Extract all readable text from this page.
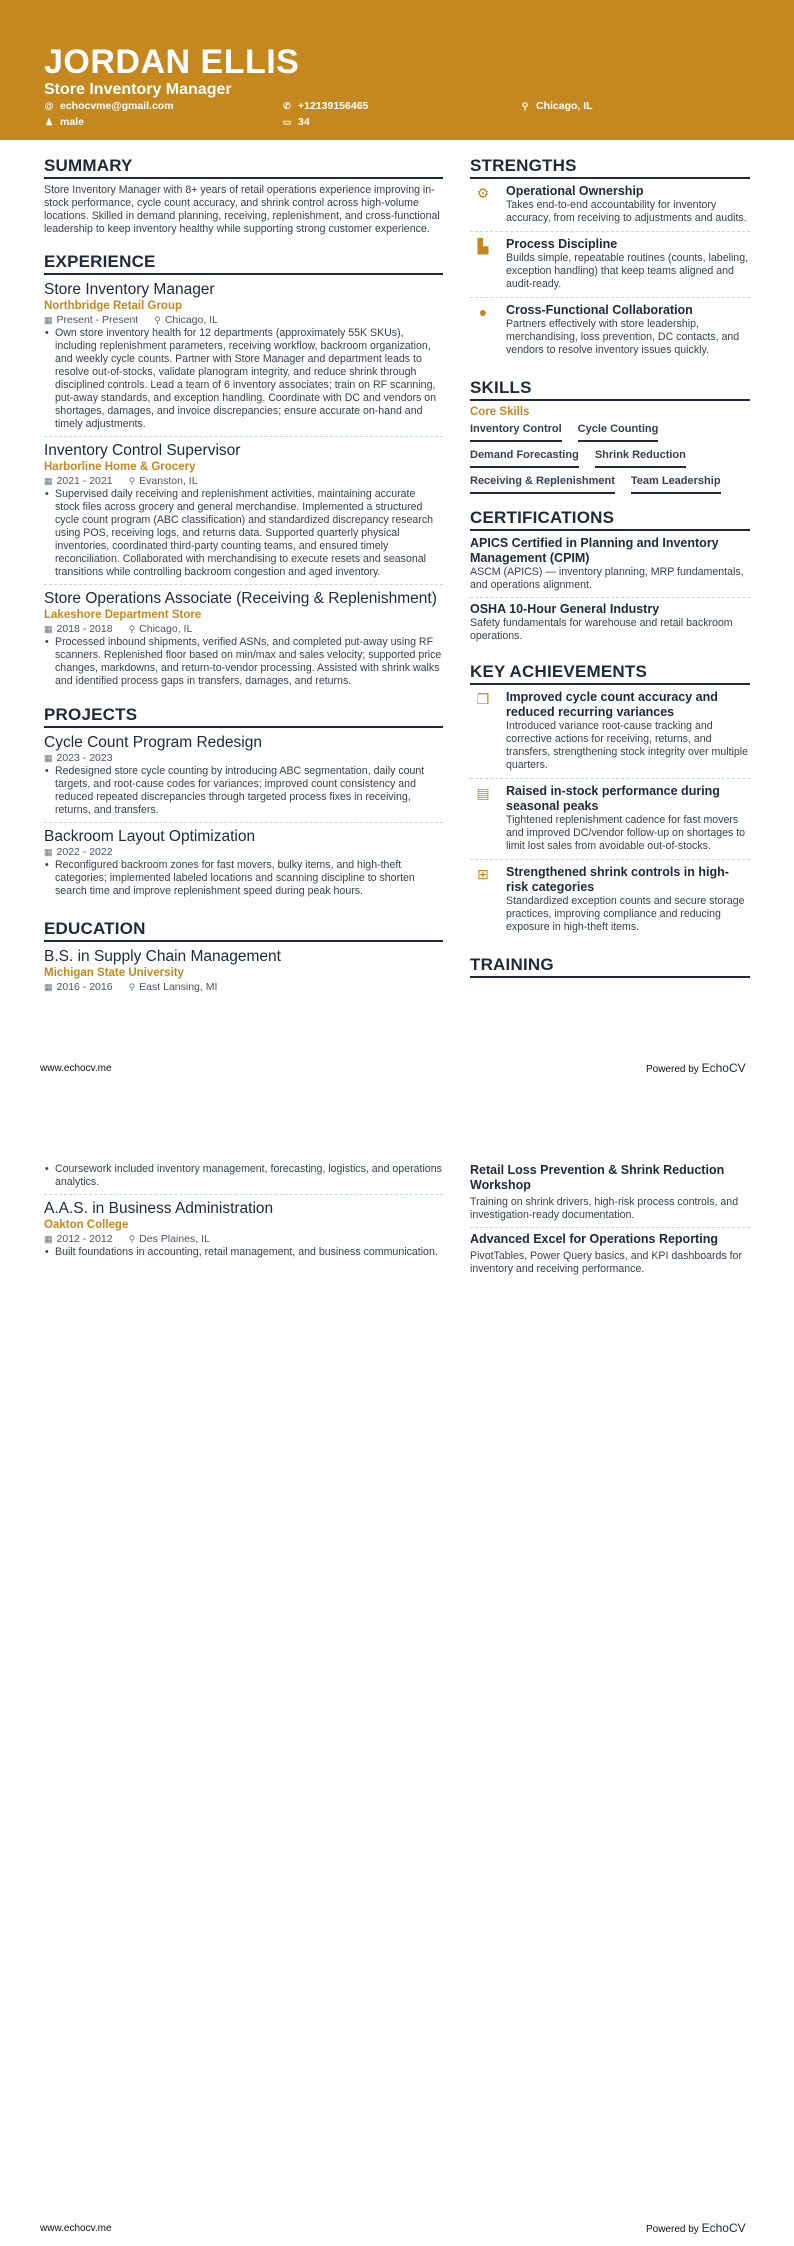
JORDAN ELLIS
Store Inventory Manager
@ echocvme@gmail.com	✆ +12139156465	⚲ Chicago, IL
♟ male	▭ 34
SUMMARY
Store Inventory Manager with 8+ years of retail operations experience improving in-stock performance, cycle count accuracy, and shrink control across high-volume locations. Skilled in demand planning, receiving, replenishment, and cross-functional leadership to keep inventory healthy while supporting strong customer experience.
EXPERIENCE
Store Inventory Manager
Northbridge Retail Group
▦ Present - Present ⚲ Chicago, IL
• Own store inventory health for 12 departments (approximately 55K SKUs), including replenishment parameters, receiving workflow, backroom organization, and weekly cycle counts. Partner with Store Manager and department leads to resolve out-of-stocks, validate planogram integrity, and reduce shrink through disciplined controls. Lead a team of 6 inventory associates; train on RF scanning, put-away standards, and exception handling. Coordinate with DC and vendors on shortages, damages, and invoice discrepancies; ensure accurate on-hand and timely adjustments.
Inventory Control Supervisor
Harborline Home & Grocery
▦ 2021 - 2021 ⚲ Evanston, IL
• Supervised daily receiving and replenishment activities, maintaining accurate stock files across grocery and general merchandise. Implemented a structured cycle count program (ABC classification) and standardized discrepancy research using POS, receiving logs, and returns data. Supported quarterly physical inventories, coordinated third-party counting teams, and ensured timely reconciliation. Collaborated with merchandising to execute resets and seasonal transitions while controlling backroom congestion and aged inventory.
Store Operations Associate (Receiving & Replenishment)
Lakeshore Department Store
▦ 2018 - 2018 ⚲ Chicago, IL
• Processed inbound shipments, verified ASNs, and completed put-away using RF scanners. Replenished floor based on min/max and sales velocity; supported price changes, markdowns, and return-to-vendor processing. Assisted with shrink walks and identified process gaps in transfers, damages, and returns.
PROJECTS
Cycle Count Program Redesign
▦ 2023 - 2023
• Redesigned store cycle counting by introducing ABC segmentation, daily count targets, and root-cause codes for variances; improved count consistency and reduced repeated discrepancies through targeted process fixes in receiving, returns, and transfers.
Backroom Layout Optimization
▦ 2022 - 2022
• Reconfigured backroom zones for fast movers, bulky items, and high-theft categories; implemented labeled locations and scanning discipline to shorten search time and improve replenishment speed during peak hours.
EDUCATION
B.S. in Supply Chain Management
Michigan State University
▦ 2016 - 2016 ⚲ East Lansing, MI
STRENGTHS
⚙	Operational Ownership
Takes end-to-end accountability for inventory accuracy, from receiving to adjustments and audits.
▙	Process Discipline
Builds simple, repeatable routines (counts, labeling, exception handling) that keep teams aligned and audit-ready.
●	Cross-Functional Collaboration
Partners effectively with store leadership, merchandising, loss prevention, DC contacts, and vendors to resolve inventory issues quickly.
SKILLS
Core Skills
Inventory Control Cycle Counting
Demand Forecasting Shrink Reduction
Receiving & Replenishment Team Leadership
CERTIFICATIONS
APICS Certified in Planning and Inventory Management (CPIM)
ASCM (APICS) — inventory planning, MRP fundamentals, and operations alignment.
OSHA 10-Hour General Industry
Safety fundamentals for warehouse and retail backroom operations.
KEY ACHIEVEMENTS
❐	Improved cycle count accuracy and reduced recurring variances
Introduced variance root-cause tracking and corrective actions for receiving, returns, and transfers, strengthening stock integrity over multiple quarters.
▤	Raised in-stock performance during seasonal peaks
Tightened replenishment cadence for fast movers and improved DC/vendor follow-up on shortages to limit lost sales from avoidable out-of-stocks.
⊞	Strengthened shrink controls in high-risk categories
Standardized exception counts and secure storage practices, improving compliance and reducing exposure in high-theft items.
TRAINING
www.echocv.me	Powered by EchoCV
• Coursework included inventory management, forecasting, logistics, and operations analytics.
A.A.S. in Business Administration
Oakton College
▦ 2012 - 2012 ⚲ Des Plaines, IL
• Built foundations in accounting, retail management, and business communication.
Retail Loss Prevention & Shrink Reduction Workshop
Training on shrink drivers, high-risk process controls, and investigation-ready documentation.
Advanced Excel for Operations Reporting
PivotTables, Power Query basics, and KPI dashboards for inventory and receiving performance.
www.echocv.me	Powered by EchoCV
